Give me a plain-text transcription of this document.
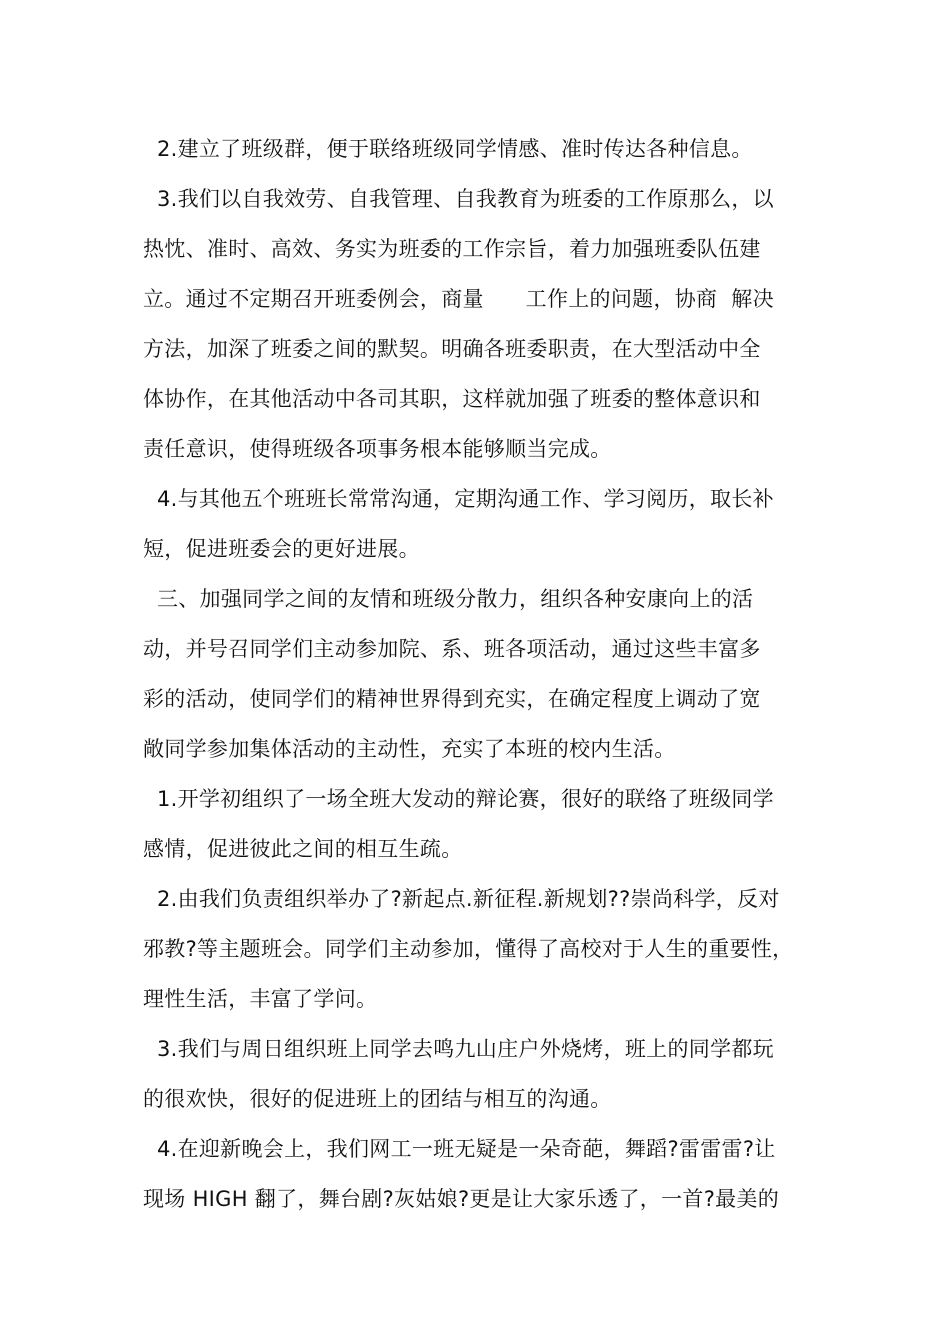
2.建立了班级群，便于联络班级同学情感、准时传达各种信息。
3.我们以自我效劳、自我管理、自我教育为班委的工作原那么，以
热忱、准时、高效、务实为班委的工作宗旨，着力加强班委队伍建
立。通过不定期召开班委例会，商量      工作上的问题，协商  解决
方法，加深了班委之间的默契。明确各班委职责，在大型活动中全
体协作，在其他活动中各司其职，这样就加强了班委的整体意识和
责任意识，使得班级各项事务根本能够顺当完成。
4.与其他五个班班长常常沟通，定期沟通工作、学习阅历，取长补
短，促进班委会的更好进展。
三、加强同学之间的友情和班级分散力，组织各种安康向上的活
动，并号召同学们主动参加院、系、班各项活动，通过这些丰富多
彩的活动，使同学们的精神世界得到充实，在确定程度上调动了宽
敞同学参加集体活动的主动性，充实了本班的校内生活。
1.开学初组织了一场全班大发动的辩论赛，很好的联络了班级同学
感情，促进彼此之间的相互生疏。
2.由我们负责组织举办了?新起点.新征程.新规划??崇尚科学，反对
邪教?等主题班会。同学们主动参加，懂得了高校对于人生的重要性，
理性生活，丰富了学问。
3.我们与周日组织班上同学去鸣九山庄户外烧烤，班上的同学都玩
的很欢快，很好的促进班上的团结与相互的沟通。
4.在迎新晚会上，我们网工一班无疑是一朵奇葩，舞蹈?雷雷雷?让
现场 HIGH 翻了，舞台剧?灰姑娘?更是让大家乐透了，一首?最美的
